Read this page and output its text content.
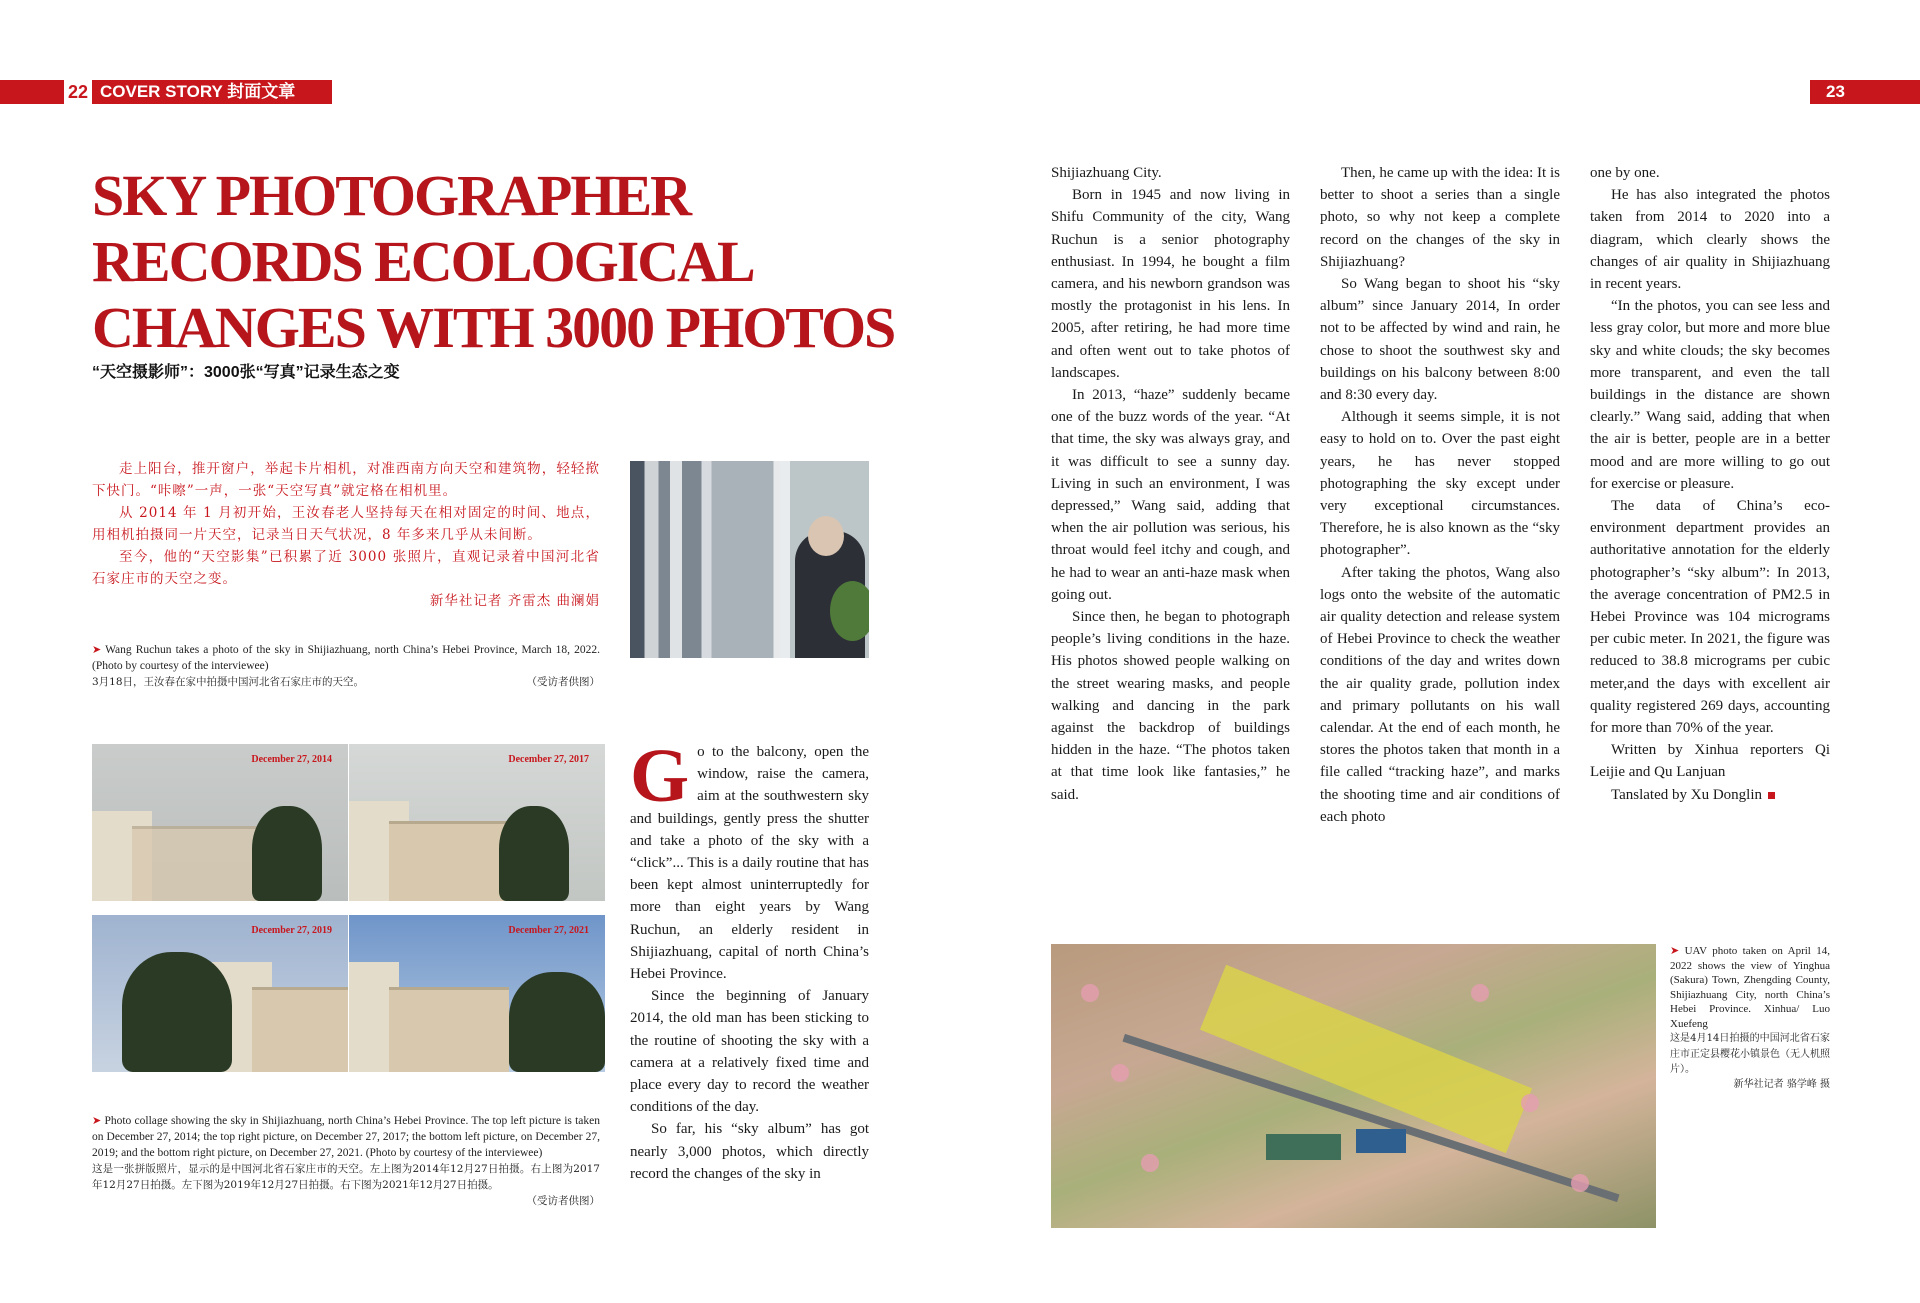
22 COVER STORY 封面文章	23
SKY PHOTOGRAPHER
RECORDS ECOLOGICAL
CHANGES WITH 3000 PHOTOS
“天空摄影师”：3000张“写真”记录生态之变

走上阳台，推开窗户，举起卡片相机，对准西南方向天空和建筑物，轻轻揿下快门。“咔嚓”一声，一张“天空写真”就定格在相机里。

从 2014 年 1 月初开始，王汝春老人坚持每天在相对固定的时间、地点，用相机拍摄同一片天空，记录当日天气状况，8 年多来几乎从未间断。

至今，他的“天空影集”已积累了近 3000 张照片，直观记录着中国河北省石家庄市的天空之变。

新华社记者 齐雷杰 曲澜娟

➤ Wang Ruchun takes a photo of the sky in Shijiazhuang, north China’s Hebei Province, March 18, 2022. (Photo by courtesy of the interviewee)
3月18日，王汝春在家中拍摄中国河北省石家庄市的天空。	（受访者供图）
December 27, 2014	December 27, 2017
December 27, 2019	December 27, 2021
➤ Photo collage showing the sky in Shijiazhuang, north China’s Hebei Province. The top left picture is taken on December 27, 2014; the top right picture, on December 27, 2017; the bottom left picture, on December 27, 2019; and the bottom right picture, on December 27, 2021. (Photo by courtesy of the interviewee)
这是一张拼版照片，显示的是中国河北省石家庄市的天空。左上图为2014年12月27日拍摄。右上图为2017年12月27日拍摄。左下图为2019年12月27日拍摄。右下图为2021年12月27日拍摄。
（受访者供图）

Go to the balcony, open the window, raise the camera, aim at the southwestern sky and buildings, gently press the shutter and take a photo of the sky with a “click”... This is a daily routine that has been kept almost uninterruptedly for more than eight years by Wang Ruchun, an elderly resident in Shijiazhuang, capital of north China’s Hebei Province.

Since the beginning of January 2014, the old man has been sticking to the routine of shooting the sky with a camera at a relatively fixed time and place every day to record the weather conditions of the day.

So far, his “sky album” has got nearly 3,000 photos, which directly record the changes of the sky in

Shijiazhuang City.

Born in 1945 and now living in Shifu Community of the city, Wang Ruchun is a senior photography enthusiast. In 1994, he bought a film camera, and his newborn grandson was mostly the protagonist in his lens. In 2005, after retiring, he had more time and often went out to take photos of landscapes.

In 2013, “haze” suddenly became one of the buzz words of the year. “At that time, the sky was always gray, and it was difficult to see a sunny day. Living in such an environment, I was depressed,” Wang said, adding that when the air pollution was serious, his throat would feel itchy and cough, and he had to wear an anti-haze mask when going out.

Since then, he began to photograph people’s living conditions in the haze. His photos showed people walking on the street wearing masks, and people walking and dancing in the park against the backdrop of buildings hidden in the haze. “The photos taken at that time look like fantasies,” he said.

Then, he came up with the idea: It is better to shoot a series than a single photo, so why not keep a complete record on the changes of the sky in Shijiazhuang?

So Wang began to shoot his “sky album” since January 2014, In order not to be affected by wind and rain, he chose to shoot the southwest sky and buildings on his balcony between 8:00 and 8:30 every day.

Although it seems simple, it is not easy to hold on to. Over the past eight years, he has never stopped photographing the sky except under very exceptional circumstances. Therefore, he is also known as the “sky photographer”.

After taking the photos, Wang also logs onto the website of the automatic air quality detection and release system of Hebei Province to check the weather conditions of the day and writes down the air quality grade, pollution index and primary pollutants on his wall calendar. At the end of each month, he stores the photos taken that month in a file called “tracking haze”, and marks the shooting time and air conditions of each photo

one by one.

He has also integrated the photos taken from 2014 to 2020 into a diagram, which clearly shows the changes of air quality in Shijiazhuang in recent years.

“In the photos, you can see less and less gray color, but more and more blue sky and white clouds; the sky becomes more transparent, and even the tall buildings in the distance are shown clearly.” Wang said, adding that when the air is better, people are in a better mood and are more willing to go out for exercise or pleasure.

The data of China’s eco-environment department provides an authoritative annotation for the elderly photographer’s “sky album”: In 2013, the average concentration of PM2.5 in Hebei Province was 104 micrograms per cubic meter. In 2021, the figure was reduced to 38.8 micrograms per cubic meter,and the days with excellent air quality registered 269 days, accounting for more than 70% of the year.

Written by Xinhua reporters Qi Leijie and Qu Lanjuan

Tanslated by Xu Donglin

➤ UAV photo taken on April 14, 2022 shows the view of Yinghua (Sakura) Town, Zhengding County, Shijiazhuang City, north China’s Hebei Province. Xinhua/ Luo Xuefeng
这是4月14日拍摄的中国河北省石家庄市正定县樱花小镇景色（无人机照片）。

新华社记者 骆学峰 摄
